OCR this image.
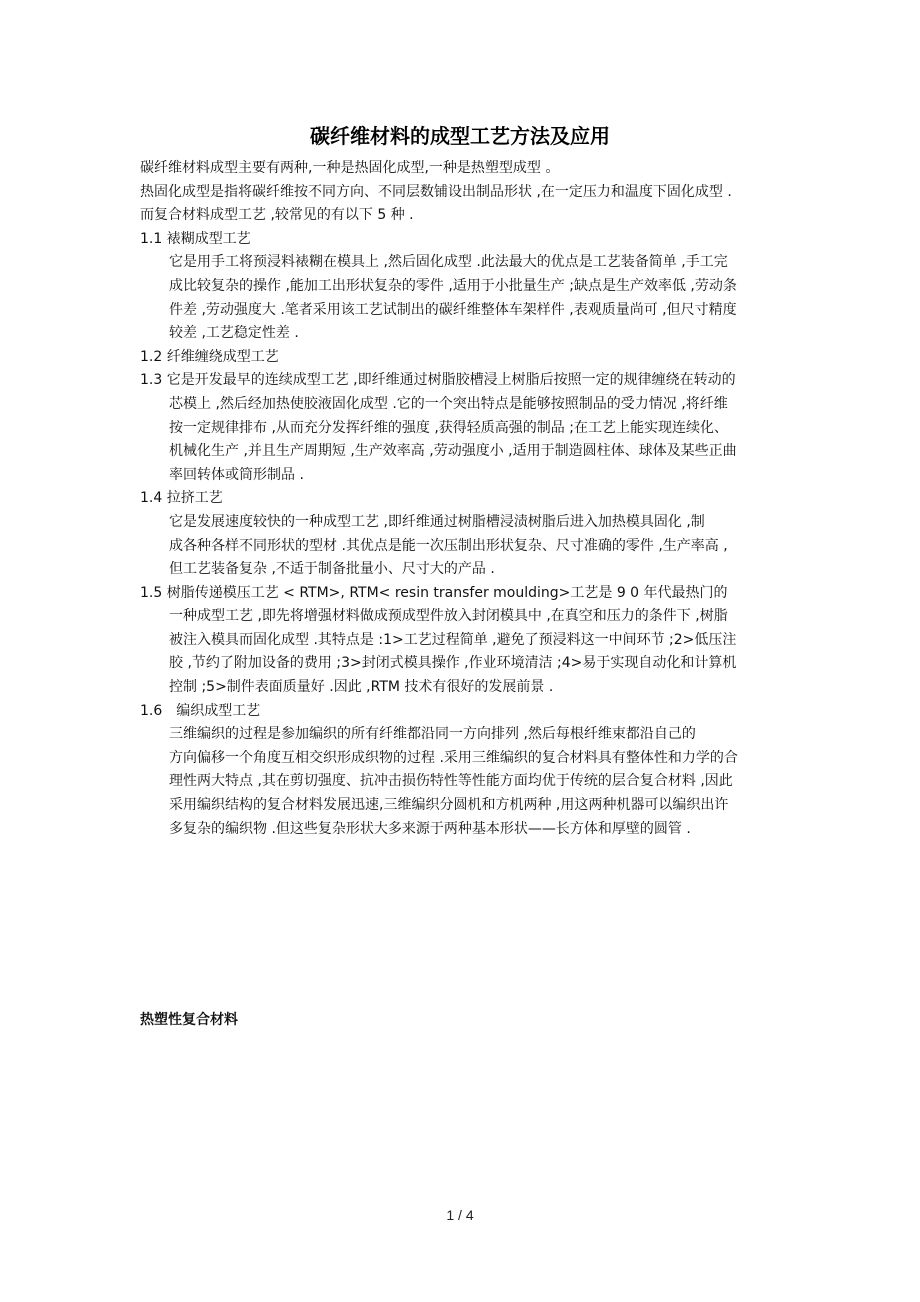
碳纤维材料的成型工艺方法及应用

碳纤维材料成型主要有两种,一种是热固化成型,一种是热塑型成型 。

热固化成型是指将碳纤维按不同方向、不同层数铺设出制品形状 ,在一定压力和温度下固化成型 .而复合材料成型工艺 ,较常见的有以下 5 种 .

1.1 裱糊成型工艺

它是用手工将预浸料裱糊在模具上 ,然后固化成型 .此法最大的优点是工艺装备简单 ,手工完成比较复杂的操作 ,能加工出形状复杂的零件 ,适用于小批量生产 ;缺点是生产效率低 ,劳动条件差 ,劳动强度大 .笔者采用该工艺试制出的碳纤维整体车架样件 ,表观质量尚可 ,但尺寸精度较差 ,工艺稳定性差 .

1.2 纤维缠绕成型工艺

1.3 它是开发最早的连续成型工艺 ,即纤维通过树脂胶槽浸上树脂后按照一定的规律缠绕在转动的芯模上 ,然后经加热使胶液固化成型 .它的一个突出特点是能够按照制品的受力情况 ,将纤维按一定规律排布 ,从而充分发挥纤维的强度 ,获得轻质高强的制品 ;在工艺上能实现连续化、机械化生产 ,并且生产周期短 ,生产效率高 ,劳动强度小 ,适用于制造圆柱体、球体及某些正曲率回转体或筒形制品 .

1.4 拉挤工艺

它是发展速度较快的一种成型工艺 ,即纤维通过树脂槽浸渍树脂后进入加热模具固化 ,制

成各种各样不同形状的型材 .其优点是能一次压制出形状复杂、尺寸准确的零件 ,生产率高 ,但工艺装备复杂 ,不适于制备批量小、尺寸大的产品 .

1.5 树脂传递模压工艺 < RTM>, RTM< resin transfer moulding>工艺是 9 0 年代最热门的一种成型工艺 ,即先将增强材料做成预成型件放入封闭模具中 ,在真空和压力的条件下 ,树脂被注入模具而固化成型 .其特点是 :1>工艺过程简单 ,避免了预浸料这一中间环节 ;2>低压注胶 ,节约了附加设备的费用 ;3>封闭式模具操作 ,作业环境清洁 ;4>易于实现自动化和计算机控制 ;5>制件表面质量好 .因此 ,RTM 技术有很好的发展前景 .

1.6　编织成型工艺

三维编织的过程是参加编织的所有纤维都沿同一方向排列 ,然后每根纤维束都沿自己的

方向偏移一个角度互相交织形成织物的过程 .采用三维编织的复合材料具有整体性和力学的合理性两大特点 ,其在剪切强度、抗冲击损伤特性等性能方面均优于传统的层合复合材料 ,因此采用编织结构的复合材料发展迅速,三维编织分圆机和方机两种 ,用这两种机器可以编织出许多复杂的编织物 .但这些复杂形状大多来源于两种基本形状——长方体和厚壁的圆管 .

热塑性复合材料
1 / 4
